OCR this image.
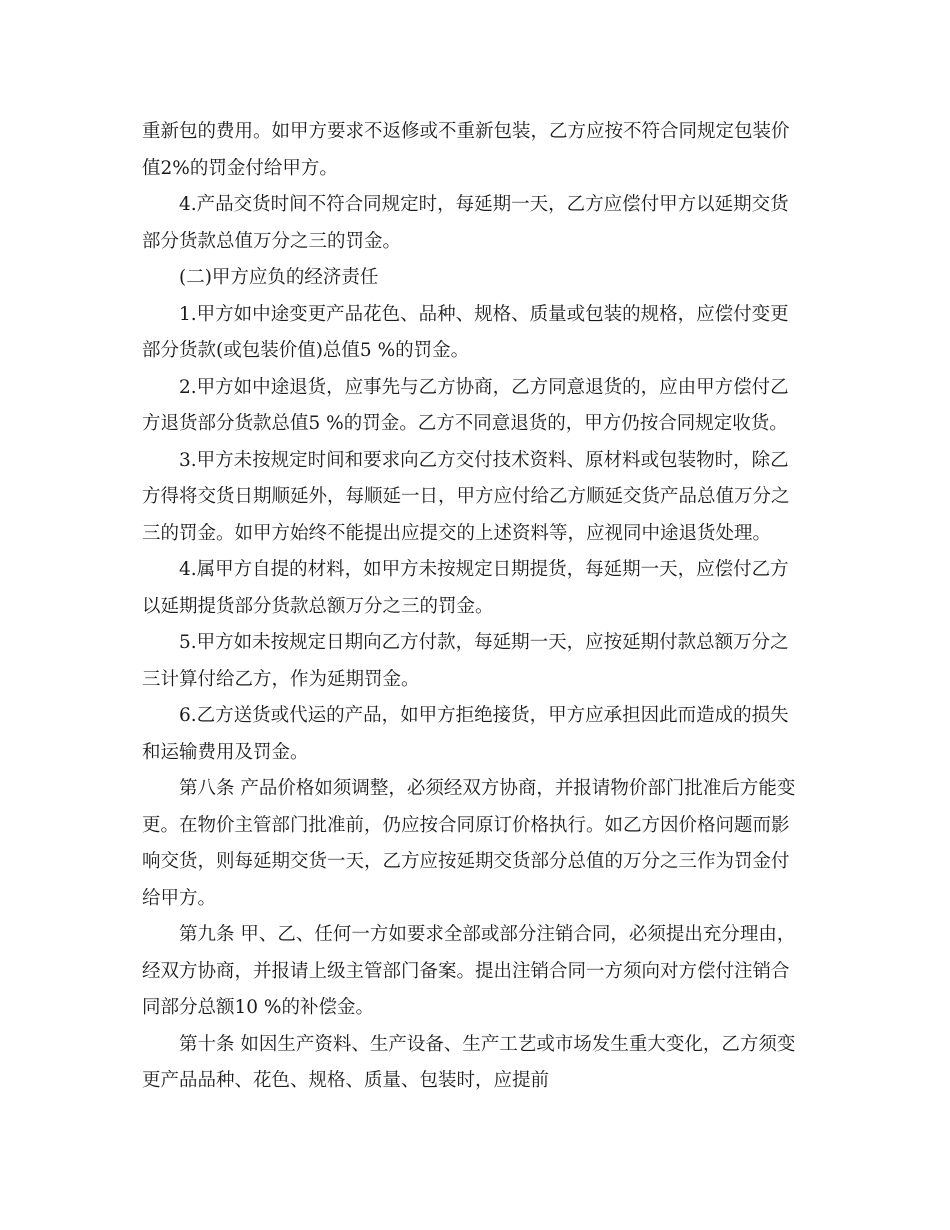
重新包的费用。如甲方要求不返修或不重新包装，乙方应按不符合同规定包装价值2%的罚金付给甲方。

4.产品交货时间不符合同规定时，每延期一天，乙方应偿付甲方以延期交货部分货款总值万分之三的罚金。

(二)甲方应负的经济责任

1.甲方如中途变更产品花色、品种、规格、质量或包装的规格，应偿付变更部分货款(或包装价值)总值5 %的罚金。

2.甲方如中途退货，应事先与乙方协商，乙方同意退货的，应由甲方偿付乙方退货部分货款总值5 %的罚金。乙方不同意退货的，甲方仍按合同规定收货。

3.甲方未按规定时间和要求向乙方交付技术资料、原材料或包装物时，除乙方得将交货日期顺延外，每顺延一日，甲方应付给乙方顺延交货产品总值万分之三的罚金。如甲方始终不能提出应提交的上述资料等，应视同中途退货处理。

4.属甲方自提的材料，如甲方未按规定日期提货，每延期一天，应偿付乙方以延期提货部分货款总额万分之三的罚金。

5.甲方如未按规定日期向乙方付款，每延期一天，应按延期付款总额万分之三计算付给乙方，作为延期罚金。

6.乙方送货或代运的产品，如甲方拒绝接货，甲方应承担因此而造成的损失和运输费用及罚金。

第八条 产品价格如须调整，必须经双方协商，并报请物价部门批准后方能变更。在物价主管部门批准前，仍应按合同原订价格执行。如乙方因价格问题而影响交货，则每延期交货一天，乙方应按延期交货部分总值的万分之三作为罚金付给甲方。

第九条 甲、乙、任何一方如要求全部或部分注销合同，必须提出充分理由，经双方协商，并报请上级主管部门备案。提出注销合同一方须向对方偿付注销合同部分总额10 %的补偿金。

第十条 如因生产资料、生产设备、生产工艺或市场发生重大变化，乙方须变更产品品种、花色、规格、质量、包装时，应提前
